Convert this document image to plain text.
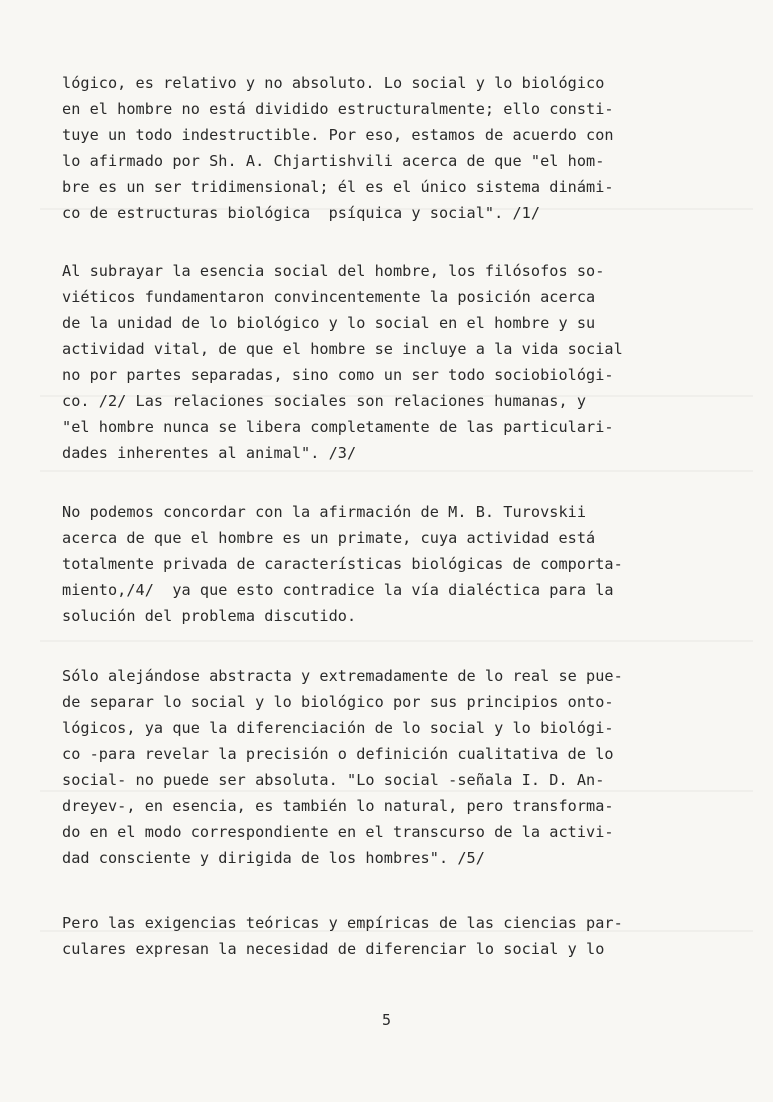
lógico, es relativo y no absoluto. Lo social y lo biológico
en el hombre no está dividido estructuralmente; ello consti-
tuye un todo indestructible. Por eso, estamos de acuerdo con
lo afirmado por Sh. A. Chjartishvili acerca de que "el hom-
bre es un ser tridimensional; él es el único sistema dinámi-
co de estructuras biológica  psíquica y social". /1/
Al subrayar la esencia social del hombre, los filósofos so-
viéticos fundamentaron convincentemente la posición acerca
de la unidad de lo biológico y lo social en el hombre y su
actividad vital, de que el hombre se incluye a la vida social
no por partes separadas, sino como un ser todo sociobiológi-
co. /2/ Las relaciones sociales son relaciones humanas, y
"el hombre nunca se libera completamente de las particulari-
dades inherentes al animal". /3/
No podemos concordar con la afirmación de M. B. Turovskii
acerca de que el hombre es un primate, cuya actividad está
totalmente privada de características biológicas de comporta-
miento,/4/  ya que esto contradice la vía dialéctica para la
solución del problema discutido.
Sólo alejándose abstracta y extremadamente de lo real se pue-
de separar lo social y lo biológico por sus principios onto-
lógicos, ya que la diferenciación de lo social y lo biológi-
co -para revelar la precisión o definición cualitativa de lo
social- no puede ser absoluta. "Lo social -señala I. D. An-
dreyev-, en esencia, es también lo natural, pero transforma-
do en el modo correspondiente en el transcurso de la activi-
dad consciente y dirigida de los hombres". /5/
Pero las exigencias teóricas y empíricas de las ciencias par-
culares expresan la necesidad de diferenciar lo social y lo
5
